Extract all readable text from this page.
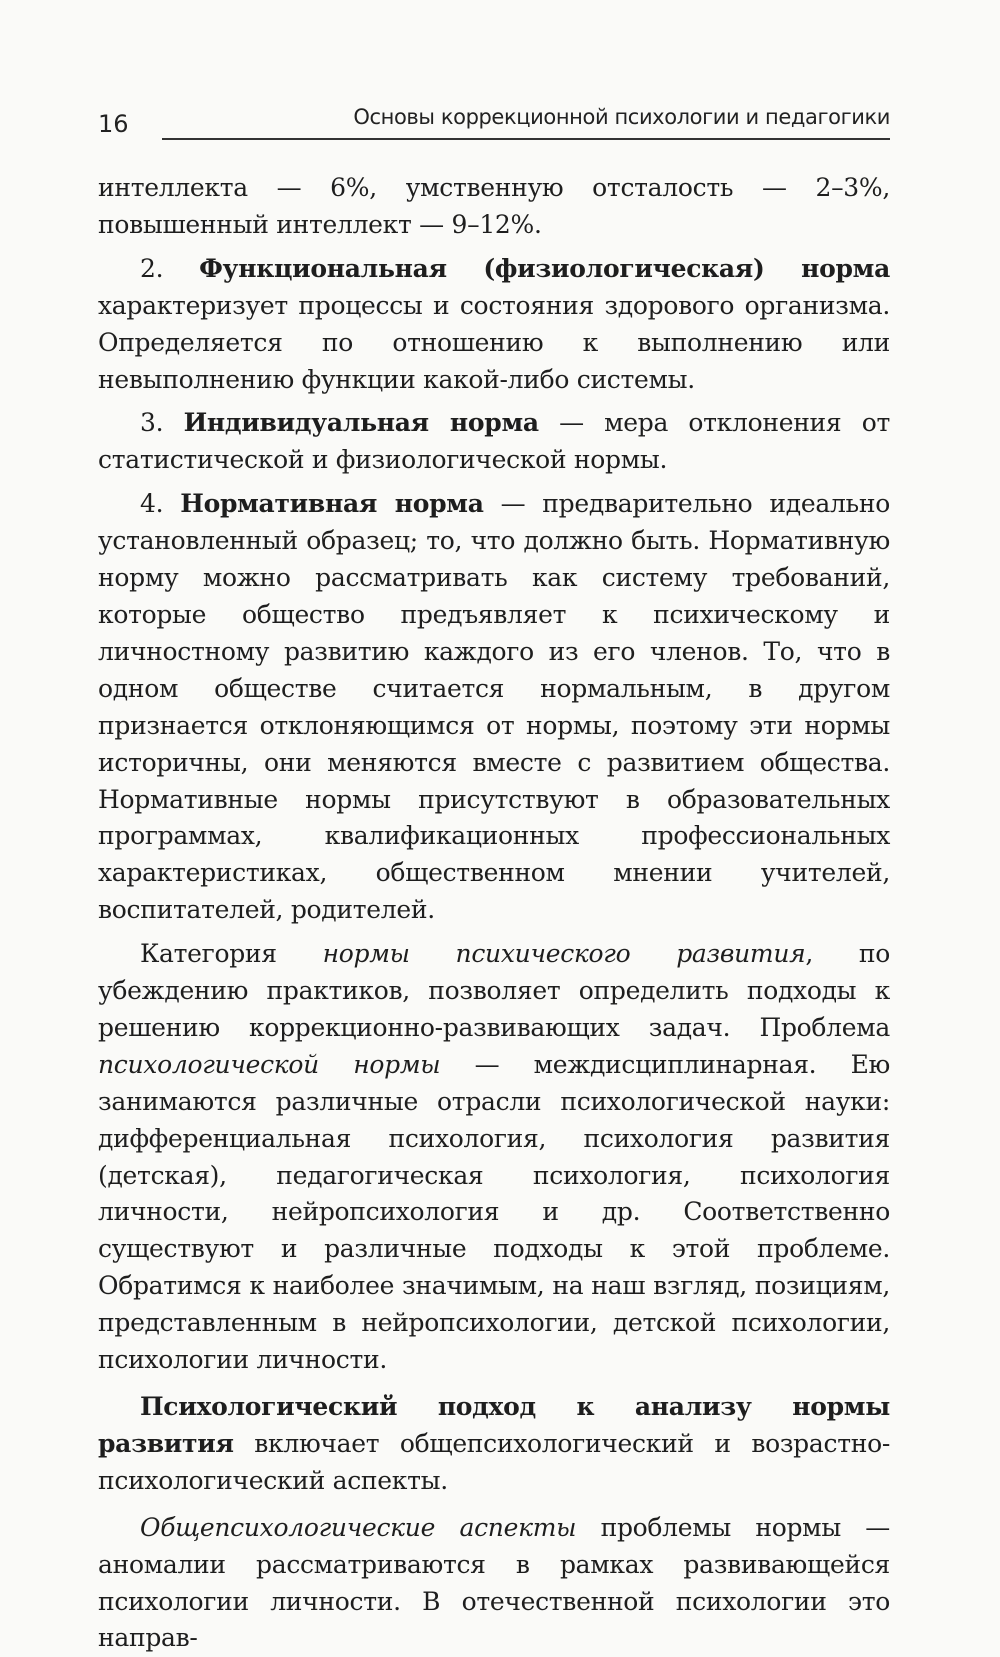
16	Основы коррекционной психологии и педагогики

интеллекта — 6%, умственную отсталость — 2–3%, повышенный интеллект — 9–12%.

2. Функциональная (физиологическая) норма характеризует процессы и состояния здорового организма. Определяется по отношению к выполнению или невыполнению функции какой-либо системы.

3. Индивидуальная норма — мера отклонения от статистической и физиологической нормы.

4. Нормативная норма — предварительно идеально установленный образец; то, что должно быть. Нормативную норму можно рассматривать как систему требований, которые общество предъявляет к психическому и личностному развитию каждого из его членов. То, что в одном обществе считается нормальным, в другом признается отклоняющимся от нормы, поэтому эти нормы историчны, они меняются вместе с развитием общества. Нормативные нормы присутствуют в образовательных программах, квалификационных профессиональных характеристиках, общественном мнении учителей, воспитателей, родителей.

Категория нормы психического развития, по убеждению практиков, позволяет определить подходы к решению коррекционно-развивающих задач. Проблема психологической нормы — междисциплинарная. Ею занимаются различные отрасли психологической науки: дифференциальная психология, психология развития (детская), педагогическая психология, психология личности, нейропсихология и др. Соответственно существуют и различные подходы к этой проблеме. Обратимся к наиболее значимым, на наш взгляд, позициям, представленным в нейропсихологии, детской психологии, психологии личности.

Психологический подход к анализу нормы развития включает общепсихологический и возрастно-психологический аспекты.

Общепсихологические аспекты проблемы нормы — аномалии рассматриваются в рамках развивающейся психологии личности. В отечественной психологии это направ-
